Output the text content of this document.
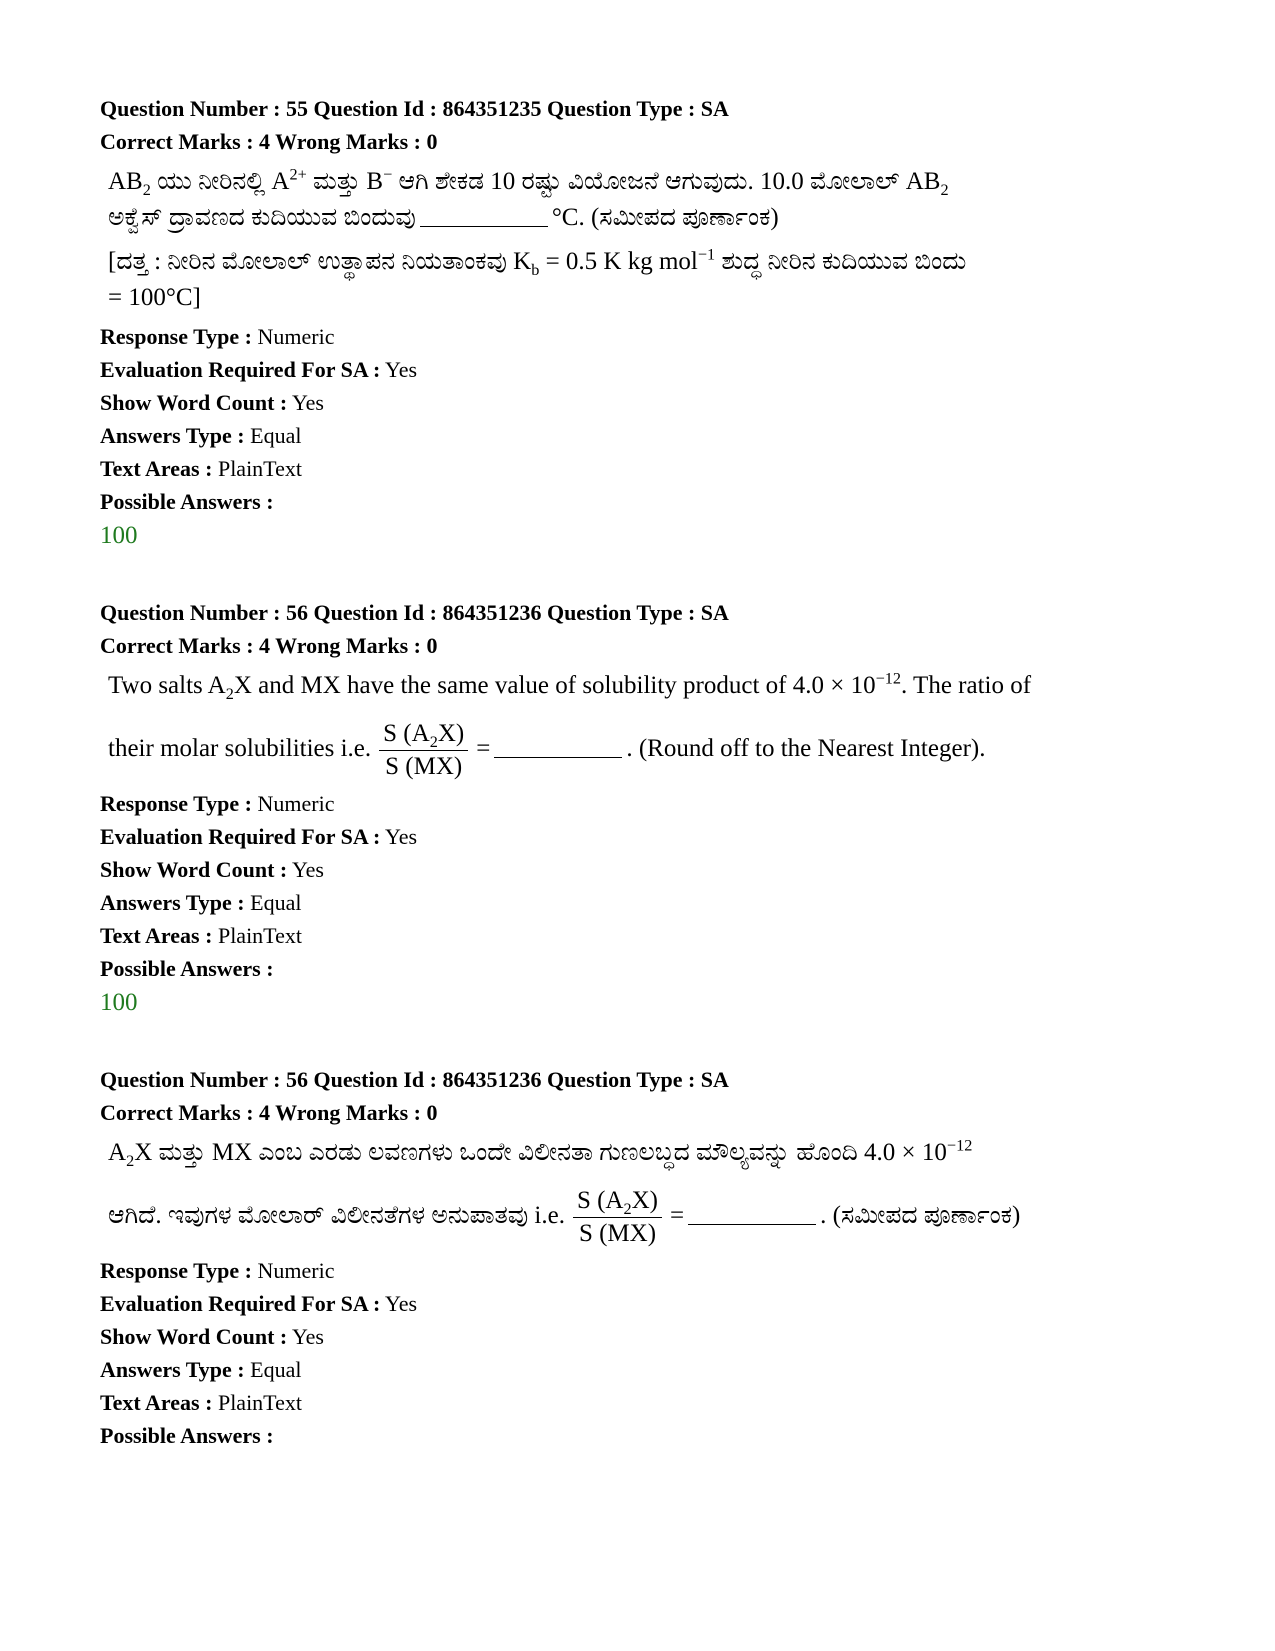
Question Number : 55 Question Id : 864351235 Question Type : SA
Correct Marks : 4 Wrong Marks : 0
$AB_2$ ಯು ನೀರಿನಲ್ಲಿ $A^{2+}$ ಮತ್ತು B− ಆಗಿ ಶೇಕಡ 10 ರಷ್ಟು ವಿಯೋಜನೆ ಆಗುವುದು. 10.0 ಮೋಲಾಲ್ $AB_2$
ಅಕ್ವೆಸ್ ದ್ರಾವಣದ ಕುದಿಯುವ ಬಿಂದುವು	°C. (ಸಮೀಪದ ಪೂರ್ಣಾಂಕ)
[ದತ್ತ : ನೀರಿನ ಮೋಲಾಲ್ ಉತ್ಥಾಪನ ನಿಯತಾಂಕವು $K_b = 0.5$ K kg mol$^{-1}$ ಶುದ್ಧ ನೀರಿನ ಕುದಿಯುವ ಬಿಂದು
= 100°C]
Response Type : Numeric
Evaluation Required For SA : Yes
Show Word Count : Yes
Answers Type : Equal
Text Areas : PlainText
Possible Answers :
100
Question Number : 56 Question Id : 864351236 Question Type : SA
Correct Marks : 4 Wrong Marks : 0
Two salts $A_2X$ and MX have the same value of solubility product of $4.0 \times 10^{-12}$. The ratio of
their molar solubilities i.e. $\frac{S (A_2X)}{S (MX)}$ =	. (Round off to the Nearest Integer).
Response Type : Numeric
Evaluation Required For SA : Yes
Show Word Count : Yes
Answers Type : Equal
Text Areas : PlainText
Possible Answers :
100
Question Number : 56 Question Id : 864351236 Question Type : SA
Correct Marks : 4 Wrong Marks : 0
$A_2X$ ಮತ್ತು MX ಎಂಬ ಎರಡು ಲವಣಗಳು ಒಂದೇ ವಿಲೀನತಾ ಗುಣಲಬ್ಧದ ಮೌಲ್ಯವನ್ನು ಹೊಂದಿ $4.0 \times 10^{-12}$
ಆಗಿದೆ. ಇವುಗಳ ಮೋಲಾರ್ ವಿಲೀನತೆಗಳ ಅನುಪಾತವು i.e. $\frac{S (A_2X)}{S (MX)}$ =	. (ಸಮೀಪದ ಪೂರ್ಣಾಂಕ)
Response Type : Numeric
Evaluation Required For SA : Yes
Show Word Count : Yes
Answers Type : Equal
Text Areas : PlainText
Possible Answers :
